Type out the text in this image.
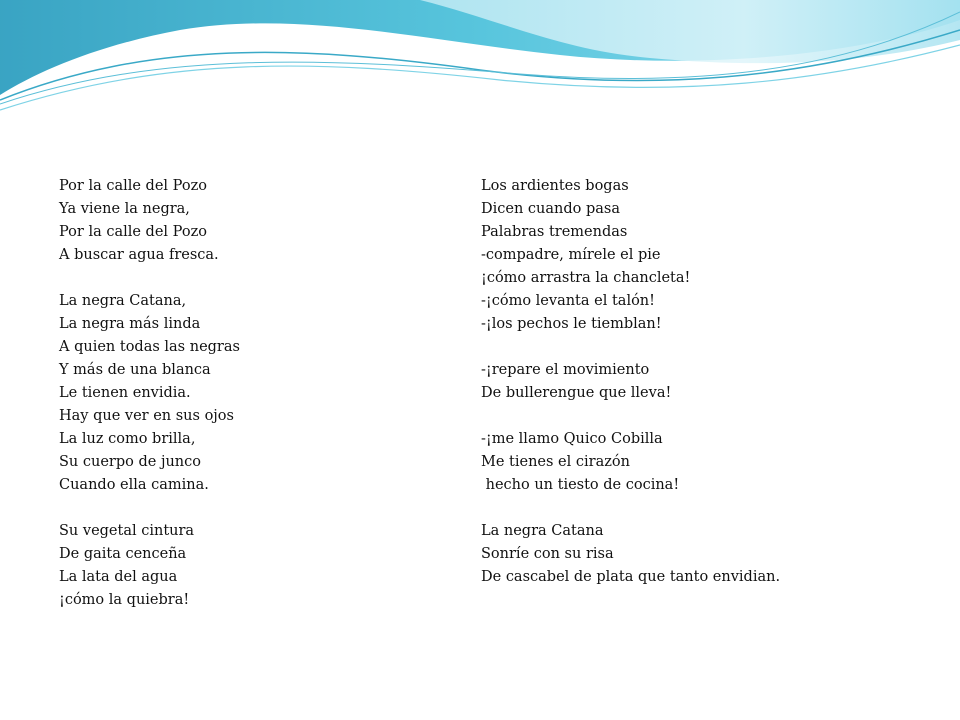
Por la calle del Pozo
Ya viene la negra,
Por la calle del Pozo
A buscar agua fresca.
La negra Catana,
La negra más linda
A quien todas las negras
Y más de una blanca
Le tienen envidia.
Hay que ver en sus ojos
La luz como brilla,
Su cuerpo de junco
Cuando ella camina.
Su vegetal cintura
De gaita cenceña
La lata del agua
¡cómo la quiebra!
Los ardientes bogas
Dicen cuando pasa
Palabras tremendas
-compadre, mírele el pie
¡cómo arrastra la chancleta!
-¡cómo levanta el talón!
-¡los pechos le tiemblan!
-¡repare el movimiento
De bullerengue que lleva!
-¡me llamo Quico Cobilla
Me tienes el cirazón
hecho un tiesto de cocina!
La negra Catana
Sonríe con su risa
De cascabel de plata que tanto envidian.
